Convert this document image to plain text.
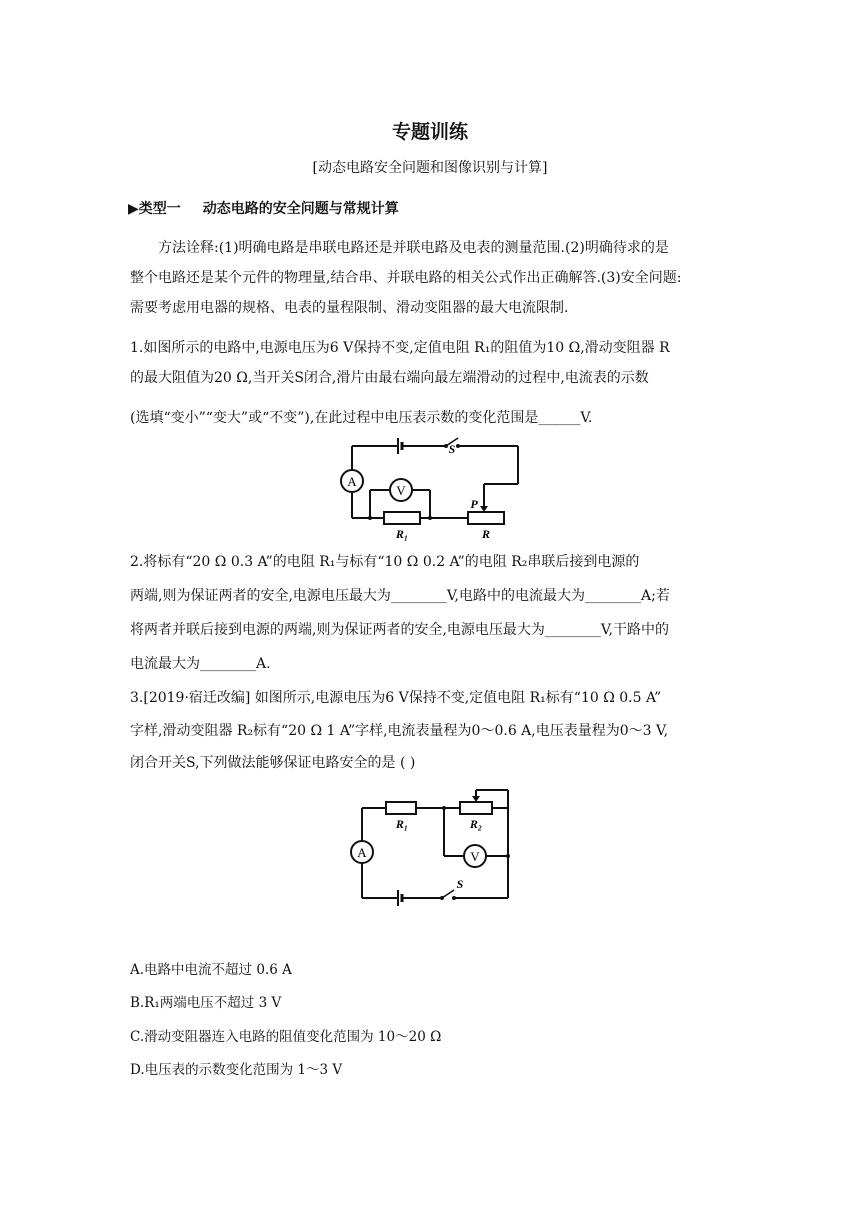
专题训练
[动态电路安全问题和图像识别与计算]
▶类型一 动态电路的安全问题与常规计算
方法诠释:(1)明确电路是串联电路还是并联电路及电表的测量范围.(2)明确待求的是
整个电路还是某个元件的物理量,结合串、并联电路的相关公式作出正确解答.(3)安全问题:
需要考虑用电器的规格、电表的量程限制、滑动变阻器的最大电流限制.
1.如图所示的电路中,电源电压为6 V保持不变,定值电阻 R₁的阻值为10 Ω,滑动变阻器 R
的最大阻值为20 Ω,当开关S闭合,滑片由最右端向最左端滑动的过程中,电流表的示数
(选填“变小”“变大”或“不变”),在此过程中电压表示数的变化范围是______V.
A
V
S
P
R₁	R
2.将标有“20 Ω 0.3 A”的电阻 R₁与标有“10 Ω 0.2 A”的电阻 R₂串联后接到电源的
两端,则为保证两者的安全,电源电压最大为________V,电路中的电流最大为________A;若
将两者并联后接到电源的两端,则为保证两者的安全,电源电压最大为________V,干路中的
电流最大为________A.
3.[2019·宿迁改编] 如图所示,电源电压为6 V保持不变,定值电阻 R₁标有“10 Ω 0.5 A”
字样,滑动变阻器 R₂标有“20 Ω 1 A”字样,电流表量程为0～0.6 A,电压表量程为0～3 V,
闭合开关S,下列做法能够保证电路安全的是 ( )
A	V
R₁	R₂
S
A.电路中电流不超过 0.6 A
B.R₁两端电压不超过 3 V
C.滑动变阻器连入电路的阻值变化范围为 10～20 Ω
D.电压表的示数变化范围为 1～3 V
